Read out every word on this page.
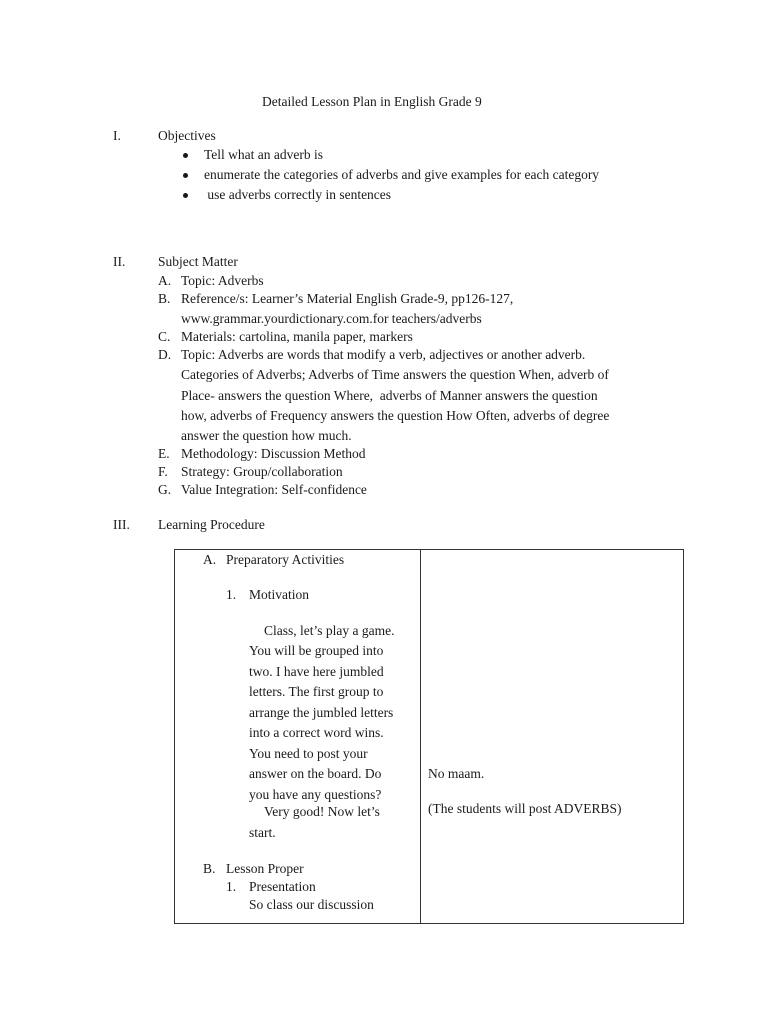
Detailed Lesson Plan in English Grade 9
I.	Objectives
Tell what an adverb is
enumerate the categories of adverbs and give examples for each category
use adverbs correctly in sentences
II. Subject Matter
A. Topic: Adverbs
B. Reference/s: Learner’s Material English Grade-9, pp126-127,
www.grammar.yourdictionary.com.for teachers/adverbs
C. Materials: cartolina, manila paper, markers
D. Topic: Adverbs are words that modify a verb, adjectives or another adverb.
Categories of Adverbs; Adverbs of Time answers the question When, adverb of
Place- answers the question Where,  adverbs of Manner answers the question
how, adverbs of Frequency answers the question How Often, adverbs of degree
answer the question how much.
E. Methodology: Discussion Method
F. Strategy: Group/collaboration
G. Value Integration: Self-confidence
III. Learning Procedure
A. Preparatory Activities
1. Motivation
Class, let’s play a game.
You will be grouped into
two. I have here jumbled
letters. The first group to
arrange the jumbled letters
into a correct word wins.
You need to post your
answer on the board. Do
you have any questions?
Very good! Now let’s
start.
B. Lesson Proper
1. Presentation
So class our discussion
No maam.
(The students will post ADVERBS)
